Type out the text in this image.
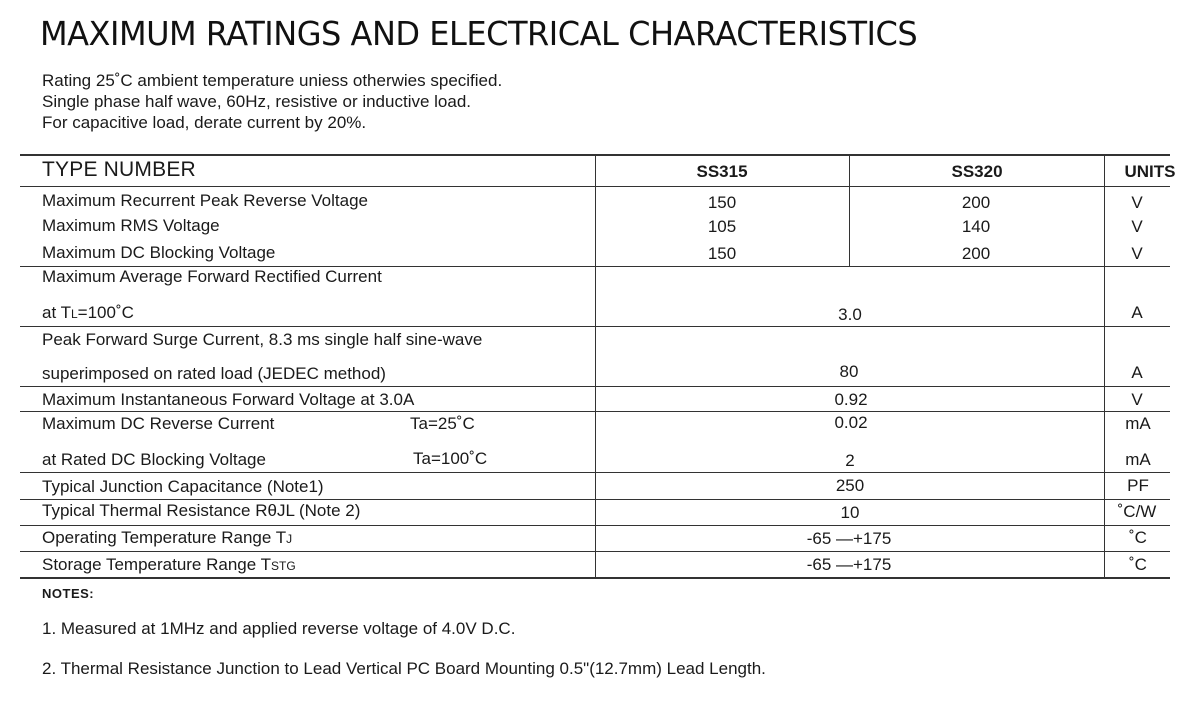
MAXIMUM RATINGS AND ELECTRICAL CHARACTERISTICS
Rating 25˚C ambient temperature uniess otherwies specified.
Single phase half wave, 60Hz, resistive or inductive load.
For capacitive load, derate current by 20%.
TYPE NUMBER	SS315	SS320	UNITS
Maximum Recurrent Peak Reverse Voltage	150	200	V
Maximum RMS Voltage	105	140	V
Maximum DC Blocking Voltage	150	200	V
Maximum Average Forward Rectified Current
at TL=100˚C	3.0	A
Peak Forward Surge Current, 8.3 ms single half sine-wave
superimposed on rated load (JEDEC method)	80	A
Maximum Instantaneous Forward Voltage at 3.0A	0.92	V
Maximum DC Reverse Current	Ta=25˚C	0.02	mA
at Rated DC Blocking Voltage	Ta=100˚C	2	mA
Typical Junction Capacitance (Note1)	250	PF
Typical Thermal Resistance RθJL (Note 2)	10	˚C/W
Operating Temperature Range TJ	-65 —+175	˚C
Storage Temperature Range TSTG	-65 —+175	˚C
NOTES:
1. Measured at 1MHz and applied reverse voltage of 4.0V D.C.
2. Thermal Resistance Junction to Lead Vertical PC Board Mounting 0.5"(12.7mm) Lead Length.
